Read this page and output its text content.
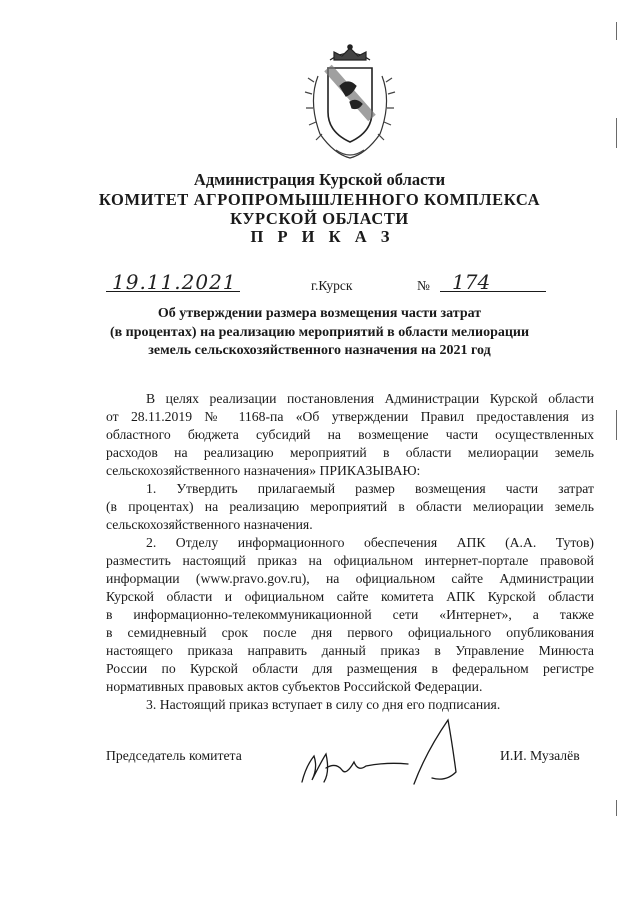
Администрация Курской области
КОМИТЕТ АГРОПРОМЫШЛЕННОГО КОМПЛЕКСА
КУРСКОЙ ОБЛАСТИ
П Р И К А З
19.11.2021	г.Курск	№ 174
Об утверждении размера возмещения части затрат
(в процентах) на реализацию мероприятий в области мелиорации
земель сельскохозяйственного назначения на 2021 год
В целях реализации постановления Администрации Курской области
от 28.11.2019 № 1168-па «Об утверждении Правил предоставления из
областного бюджета субсидий на возмещение части осуществленных
расходов на реализацию мероприятий в области мелиорации земель
сельскохозяйственного назначения» ПРИКАЗЫВАЮ:
1. Утвердить прилагаемый размер возмещения части затрат
(в процентах) на реализацию мероприятий в области мелиорации земель
сельскохозяйственного назначения.
2. Отделу информационного обеспечения АПК (А.А. Тутов)
разместить настоящий приказ на официальном интернет-портале правовой
информации (www.pravo.gov.ru), на официальном сайте Администрации
Курской области и официальном сайте комитета АПК Курской области
в информационно-телекоммуникационной сети «Интернет», а также
в семидневный срок после дня первого официального опубликования
настоящего приказа направить данный приказ в Управление Минюста
России по Курской области для размещения в федеральном регистре
нормативных правовых актов субъектов Российской Федерации.
3. Настоящий приказ вступает в силу со дня его подписания.
Председатель комитета	И.И. Музалёв
